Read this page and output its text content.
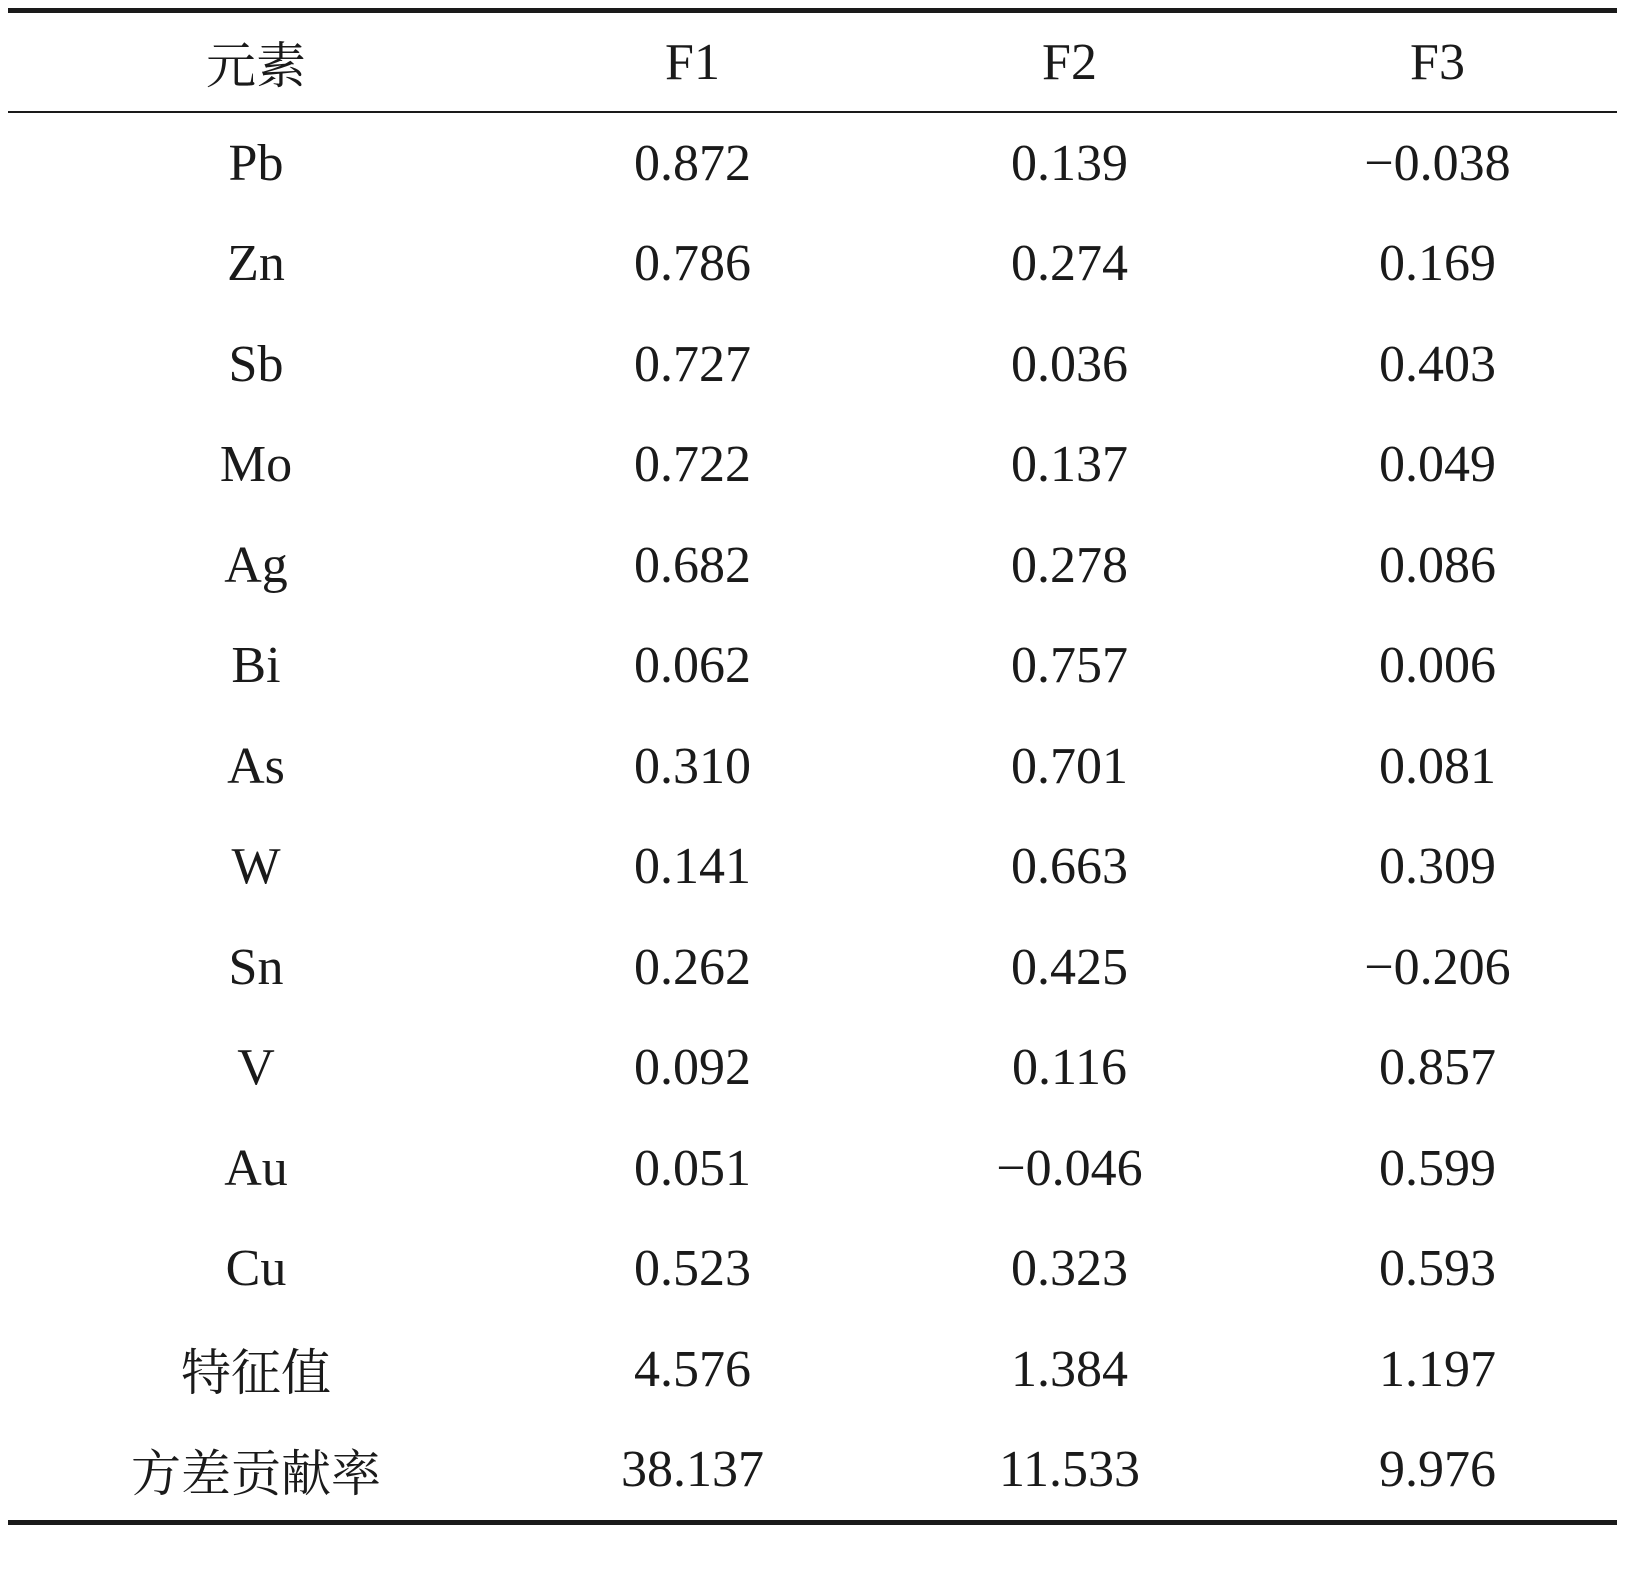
元素	F1	F2	F3
Pb	0.872	0.139	−0.038
Zn	0.786	0.274	0.169
Sb	0.727	0.036	0.403
Mo	0.722	0.137	0.049
Ag	0.682	0.278	0.086
Bi	0.062	0.757	0.006
As	0.310	0.701	0.081
W	0.141	0.663	0.309
Sn	0.262	0.425	−0.206
V	0.092	0.116	0.857
Au	0.051	−0.046	0.599
Cu	0.523	0.323	0.593
特征值	4.576	1.384	1.197
方差贡献率	38.137	11.533	9.976
